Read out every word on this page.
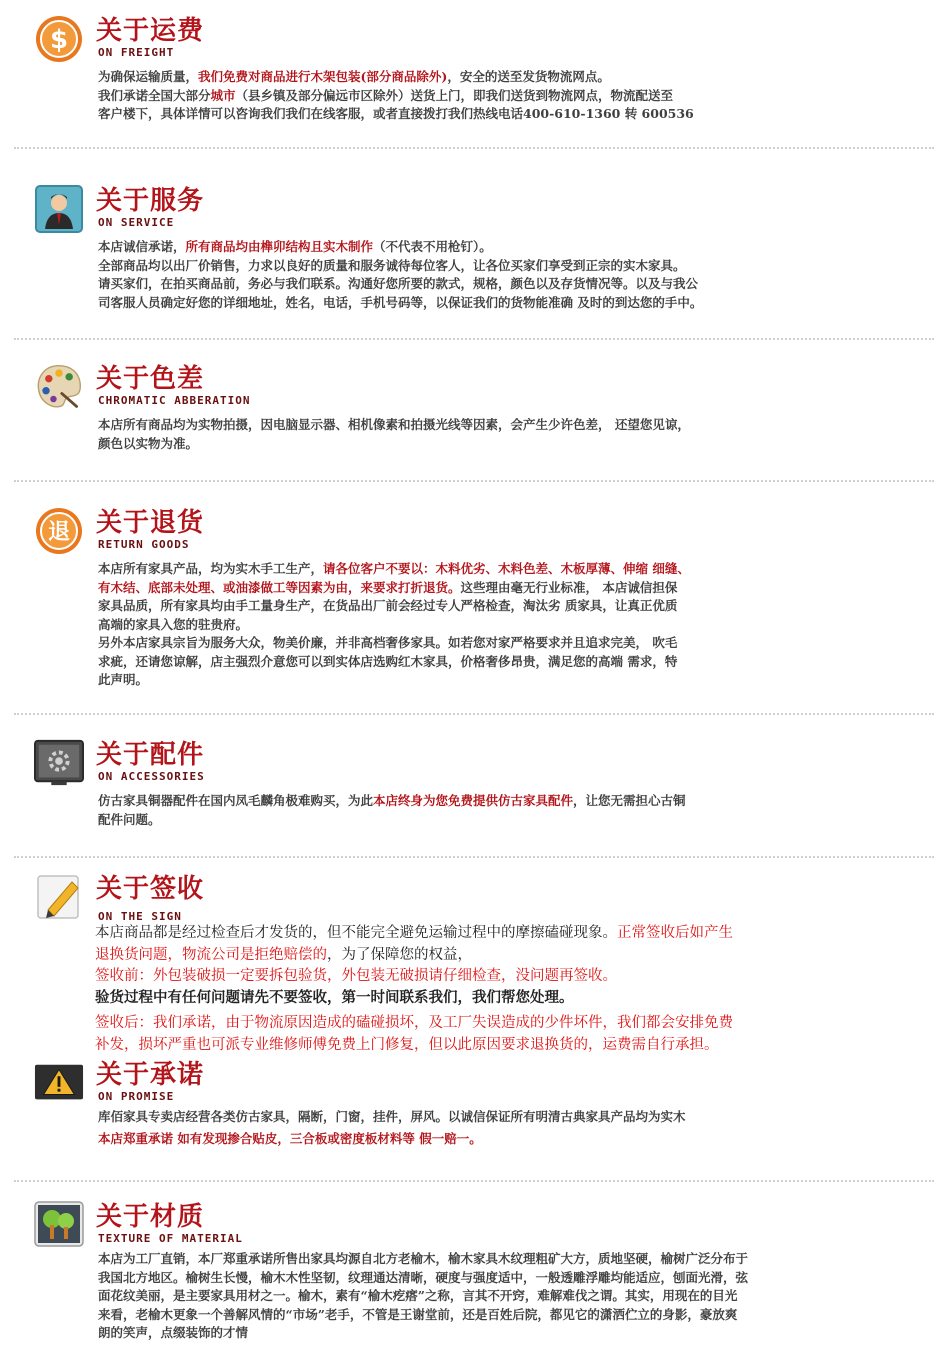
$ 关于运费
ON FREIGHT
为确保运输质量，我们免费对商品进行木架包装(部分商品除外)，安全的送至发货物流网点。
我们承诺全国大部分城市（县乡镇及部分偏远市区除外）送货上门，即我们送货到物流网点，物流配送至
客户楼下，具体详情可以咨询我们我们在线客服，或者直接拨打我们热线电话400-610-1360 转 600536
关于服务
ON SERVICE
本店诚信承诺，所有商品均由榫卯结构且实木制作（不代表不用枪钉）。
全部商品均以出厂价销售，力求以良好的质量和服务诚待每位客人，让各位买家们享受到正宗的实木家具。
请买家们，在拍买商品前，务必与我们联系。沟通好您所要的款式，规格，颜色以及存货情况等。以及与我公
司客服人员确定好您的详细地址，姓名，电话，手机号码等，以保证我们的货物能准确 及时的到达您的手中。
关于色差
CHROMATIC ABBERATION
本店所有商品均为实物拍摄，因电脑显示器、相机像素和拍摄光线等因素，会产生少许色差， 还望您见谅，
颜色以实物为准。
退 关于退货
RETURN GOODS
本店所有家具产品，均为实木手工生产，请各位客户不要以：木料优劣、木料色差、木板厚薄、伸缩 细缝、
有木结、底部未处理、或油漆做工等因素为由，来要求打折退货。这些理由毫无行业标准， 本店诚信担保
家具品质，所有家具均由手工量身生产，在货品出厂前会经过专人严格检查，淘汰劣 质家具，让真正优质
高端的家具入您的驻贵府。
另外本店家具宗旨为服务大众，物美价廉，并非高档奢侈家具。如若您对家严格要求并且追求完美， 吹毛
求疵，还请您谅解，店主强烈介意您可以到实体店选购红木家具，价格奢侈昂贵，满足您的高端 需求，特
此声明。
关于配件
ON ACCESSORIES
仿古家具铜器配件在国内凤毛麟角极难购买，为此本店终身为您免费提供仿古家具配件，让您无需担心古铜
配件问题。
关于签收
ON THE SIGN
本店商品都是经过检查后才发货的，但不能完全避免运输过程中的摩擦磕碰现象。正常签收后如产生
退换货问题，物流公司是拒绝赔偿的，为了保障您的权益，
签收前：外包装破损一定要拆包验货，外包装无破损请仔细检查，没问题再签收。
验货过程中有任何问题请先不要签收，第一时间联系我们，我们帮您处理。
签收后：我们承诺，由于物流原因造成的磕碰损坏，及工厂失误造成的少件坏件，我们都会安排免费
补发，损坏严重也可派专业维修师傅免费上门修复，但以此原因要求退换货的，运费需自行承担。
关于承诺
ON PROMISE
库佰家具专卖店经营各类仿古家具，隔断，门窗，挂件，屏风。以诚信保证所有明清古典家具产品均为实木
本店郑重承诺 如有发现掺合贴皮，三合板或密度板材料等 假一赔一。
关于材质
TEXTURE OF MATERIAL
本店为工厂直销，本厂郑重承诺所售出家具均源自北方老榆木，榆木家具木纹理粗矿大方，质地坚硬，榆树广泛分布于
我国北方地区。榆树生长慢，榆木木性坚韧，纹理通达清晰，硬度与强度适中，一般透雕浮雕均能适应，刨面光滑，弦
面花纹美丽，是主要家具用材之一。榆木，素有“榆木疙瘩”之称，言其不开窍，难解难伐之谓。其实，用现在的目光
来看，老榆木更象一个善解风情的“市场”老手，不管是王谢堂前，还是百姓后院，都见它的潇洒伫立的身影，豪放爽
朗的笑声，点缀装饰的才情
